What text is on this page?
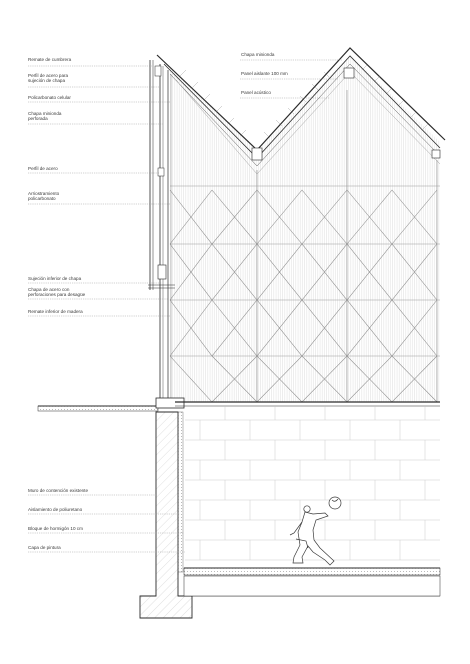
Remate de cumbrera
Perfil de acero para
sujeción de chapa
Policarbonato celular
Chapa minionda
perforada
Perfil de acero
Arriostramiento
policarbonato
Sujeción inferior de chapa
Chapa de acero con
perforaciones para desagüe
Remate inferior de madera
Muro de contención existente
Aislamiento de poliuretano
Bloque de hormigón 10 cm
Capa de pintura
Chapa minionda
Panel aislante 100 mm
Panel acústico
